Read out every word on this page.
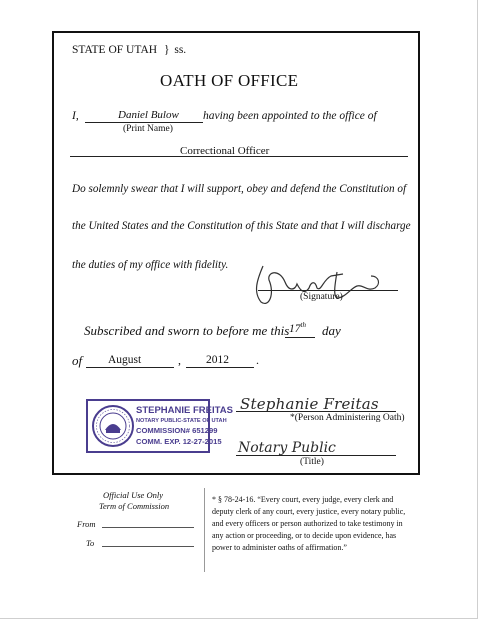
STATE OF UTAH } ss.
OATH OF OFFICE
I,	Daniel Bulow having been appointed to the office of
(Print Name)
Correctional Officer
Do solemnly swear that I will support, obey and defend the Constitution of
the United States and the Constitution of this State and that I will discharge
the duties of my office with fidelity.
(Signature)
Subscribed and sworn to before me this 17th day
of August	, 2012 .
STEPHANIE FREITAS
NOTARY PUBLIC-STATE OF UTAH
COMMISSION# 651299
COMM. EXP. 12-27-2015
Stephanie Freitas
*(Person Administering Oath)
Notary Public
(Title)
Official Use Only
Term of Commission
From
To
* § 78-24-16. “Every court, every judge, every clerk and
deputy clerk of any court, every justice, every notary public,
and every officers or person authorized to take testimony in
any action or proceeding, or to decide upon evidence, has
power to administer oaths of affirmation.”
